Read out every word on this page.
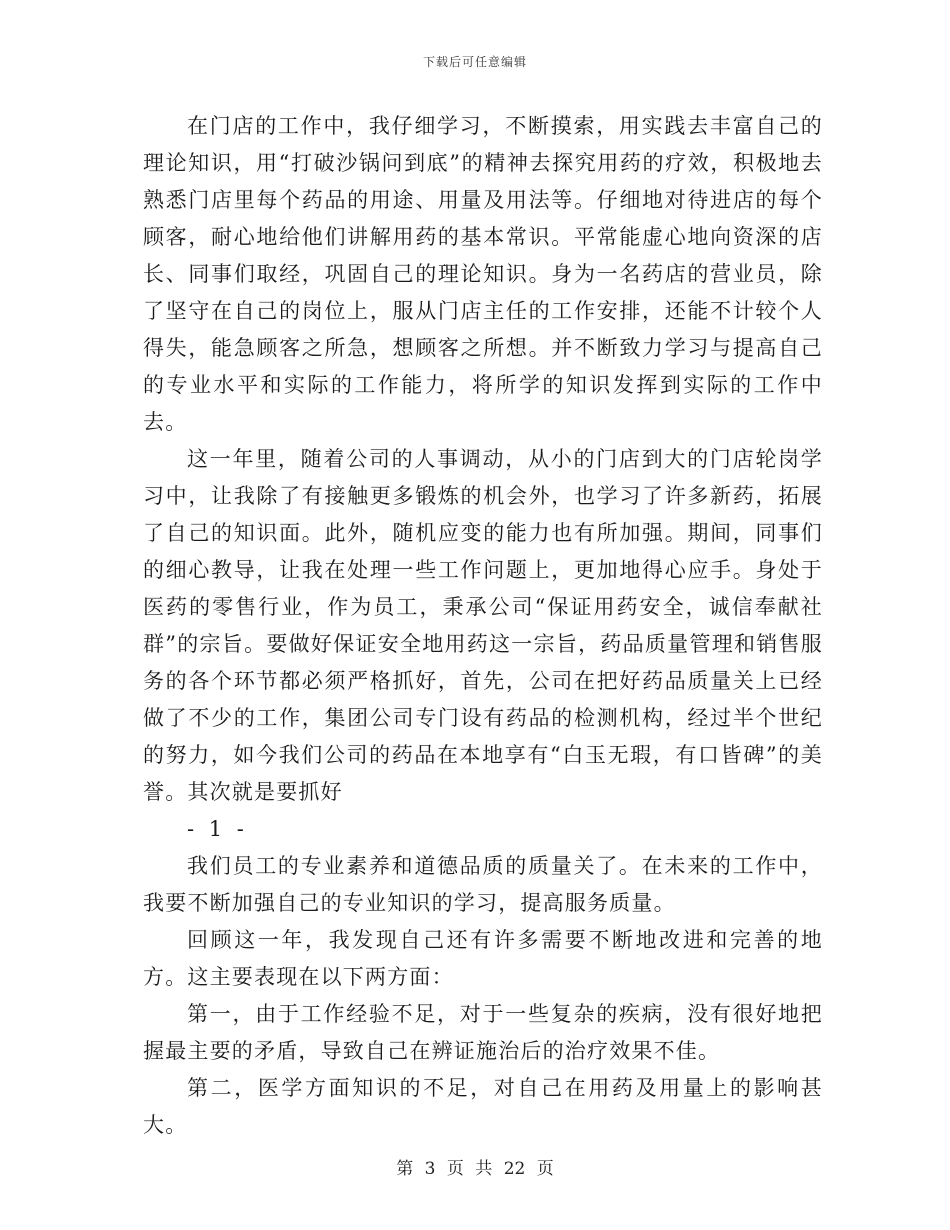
下载后可任意编辑

在门店的工作中，我仔细学习，不断摸索，用实践去丰富自己的理论知识，用“打破沙锅问到底”的精神去探究用药的疗效，积极地去熟悉门店里每个药品的用途、用量及用法等。仔细地对待进店的每个顾客，耐心地给他们讲解用药的基本常识。平常能虚心地向资深的店长、同事们取经，巩固自己的理论知识。身为一名药店的营业员，除了坚守在自己的岗位上，服从门店主任的工作安排，还能不计较个人得失，能急顾客之所急，想顾客之所想。并不断致力学习与提高自己的专业水平和实际的工作能力，将所学的知识发挥到实际的工作中去。

这一年里，随着公司的人事调动，从小的门店到大的门店轮岗学习中，让我除了有接触更多锻炼的机会外，也学习了许多新药，拓展了自己的知识面。此外，随机应变的能力也有所加强。期间，同事们的细心教导，让我在处理一些工作问题上，更加地得心应手。身处于医药的零售行业，作为员工，秉承公司“保证用药安全，诚信奉献社群”的宗旨。要做好保证安全地用药这一宗旨，药品质量管理和销售服务的各个环节都必须严格抓好，首先，公司在把好药品质量关上已经做了不少的工作，集团公司专门设有药品的检测机构，经过半个世纪的努力，如今我们公司的药品在本地享有“白玉无瑕，有口皆碑”的美誉。其次就是要抓好

- 1 -

我们员工的专业素养和道德品质的质量关了。在未来的工作中，我要不断加强自己的专业知识的学习，提高服务质量。

回顾这一年，我发现自己还有许多需要不断地改进和完善的地方。这主要表现在以下两方面：

第一，由于工作经验不足，对于一些复杂的疾病，没有很好地把握最主要的矛盾，导致自己在辨证施治后的治疗效果不佳。

第二，医学方面知识的不足，对自己在用药及用量上的影响甚大。

第 3 页 共 22 页
